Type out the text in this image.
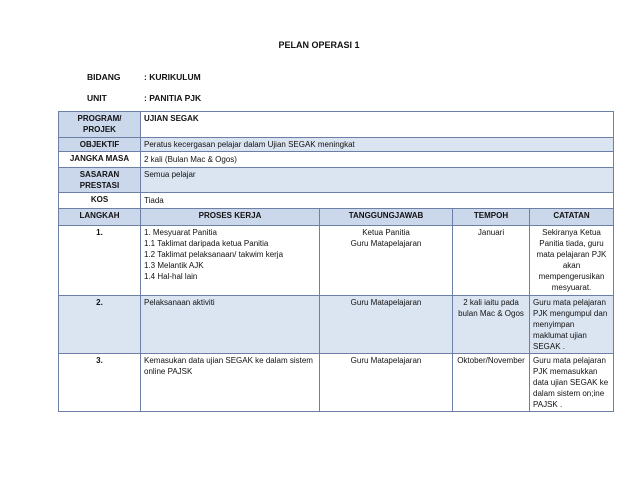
PELAN OPERASI 1
BIDANG	: KURIKULUM
UNIT	: PANITIA PJK
PROGRAM/ PROJEK	UJIAN SEGAK			
OBJEKTIF	Peratus kecergasan pelajar dalam Ujian SEGAK meningkat			
JANGKA MASA	2 kali (Bulan Mac & Ogos)			
SASARAN PRESTASI	Semua pelajar			
KOS	Tiada			
LANGKAH	PROSES KERJA	TANGGUNGJAWAB	TEMPOH	CATATAN
1.	1. Mesyuarat Panitia
1.1 Taklimat daripada ketua Panitia
1.2 Taklimat pelaksanaan/ takwim kerja
1.3 Melantik AJK
1.4 Hal-hal lain	Ketua Panitia
Guru Matapelajaran	Januari	Sekiranya Ketua Panitia tiada, guru mata pelajaran PJK akan mempengerusikan mesyuarat.
2.	Pelaksanaan aktiviti	Guru Matapelajaran	2 kali iaitu pada bulan Mac & Ogos	Guru mata pelajaran PJK mengumpul dan menyimpan maklumat ujian SEGAK .
3.	Kemasukan data ujian SEGAK ke dalam sistem online PAJSK	Guru Matapelajaran	Oktober/November	Guru mata pelajaran PJK memasukkan data ujian SEGAK ke dalam sistem on;ine PAJSK .
